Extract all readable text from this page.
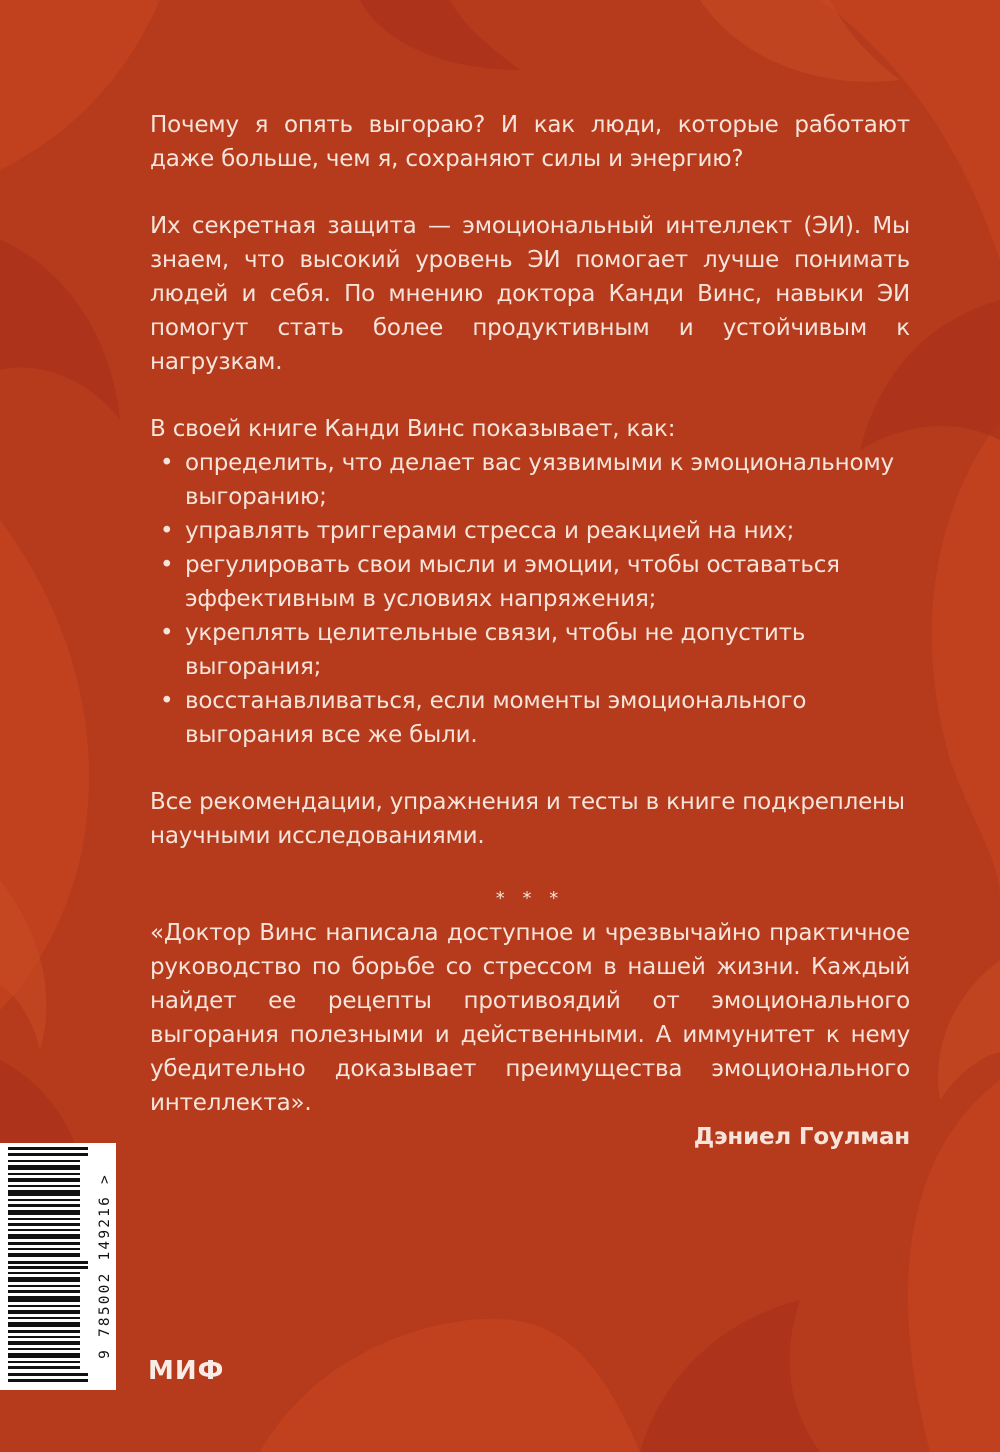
Почему я опять выгораю? И как люди, которые работают даже больше, чем я, сохраняют силы и энергию?

Их секретная защита — эмоциональный интеллект (ЭИ). Мы знаем, что высокий уровень ЭИ помогает лучше понимать людей и себя. По мнению доктора Канди Винс, навыки ЭИ помогут стать более продуктивным и устойчивым к нагрузкам.

В своей книге Канди Винс показывает, как:

• определить, что делает вас уязвимыми к эмоциональному выгоранию;
• управлять триггерами стресса и реакцией на них;
• регулировать свои мысли и эмоции, чтобы оставаться эффективным в условиях напряжения;
• укреплять целительные связи, чтобы не допустить выгорания;
• восстанавливаться, если моменты эмоционального выгорания все же были.

Все рекомендации, упражнения и тесты в книге подкреплены научными исследованиями.

* * *

«Доктор Винс написала доступное и чрезвычайно практичное руководство по борьбе со стрессом в нашей жизни. Каждый найдет ее рецепты противоядий от эмоционального выгорания полезными и действенными. А иммунитет к нему убедительно доказывает преимущества эмоционального интеллекта».

Дэниел Гоулман

9 785002 149216 >
МИФ
